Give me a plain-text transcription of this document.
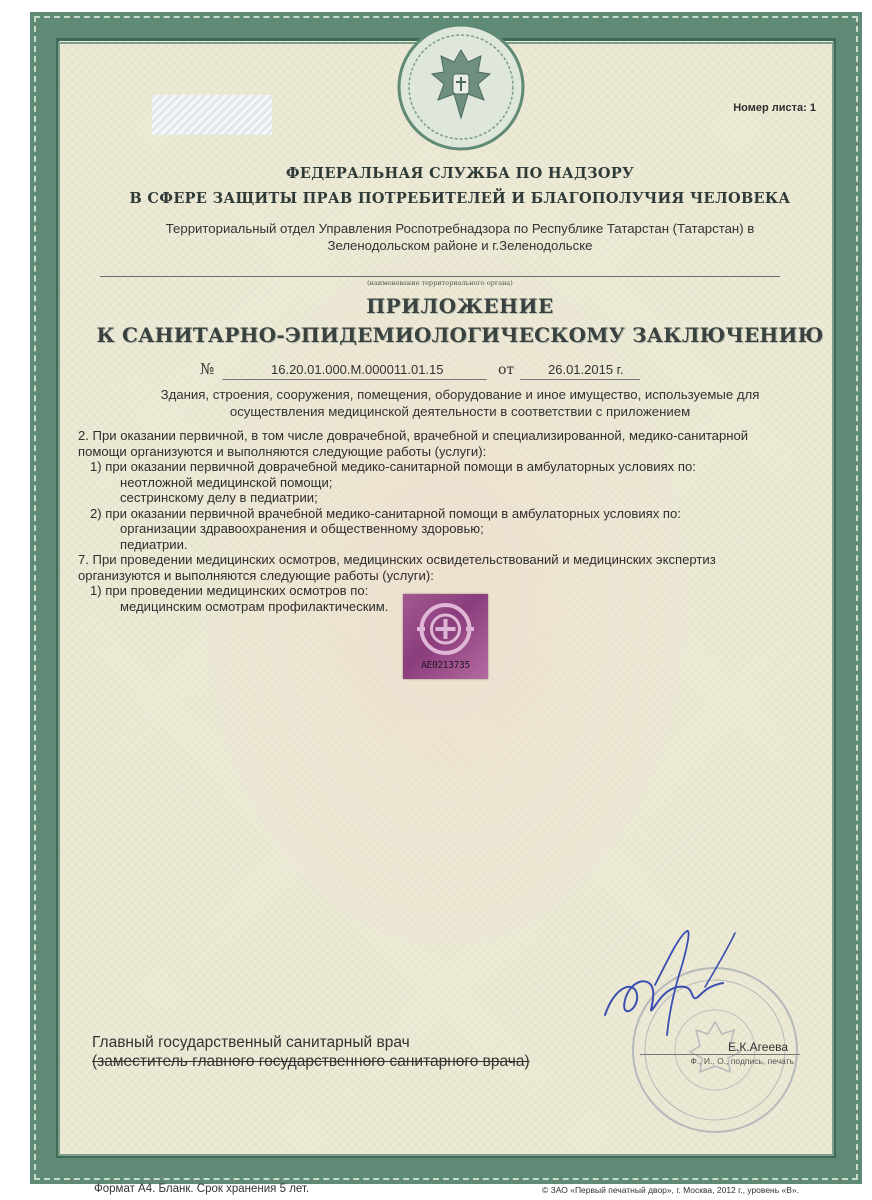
Номер листа: 1
ФЕДЕРАЛЬНАЯ СЛУЖБА ПО НАДЗОРУ
В СФЕРЕ ЗАЩИТЫ ПРАВ ПОТРЕБИТЕЛЕЙ И БЛАГОПОЛУЧИЯ ЧЕЛОВЕКА
Территориальный отдел Управления Роспотребнадзора по Республике Татарстан (Татарстан) в
Зеленодольском районе и г.Зеленодольске
(наименование территориального органа)
ПРИЛОЖЕНИЕ
К САНИТАРНО-ЭПИДЕМИОЛОГИЧЕСКОМУ ЗАКЛЮЧЕНИЮ
№	16.20.01.000.М.000011.01.15	от	26.01.2015 г.
Здания, строения, сооружения, помещения, оборудование и иное имущество, используемые для
осуществления медицинской деятельности в соответствии с приложением
2. При оказании первичной, в том числе доврачебной, врачебной и специализированной, медико-санитарной
помощи организуются и выполняются следующие работы (услуги):
1) при оказании первичной доврачебной медико-санитарной помощи в амбулаторных условиях по:
неотложной медицинской помощи;
сестринскому делу в педиатрии;
2) при оказании первичной врачебной медико-санитарной помощи в амбулаторных условиях по:
организации здравоохранения и общественному здоровью;
педиатрии.
7. При проведении медицинских осмотров, медицинских освидетельствований и медицинских экспертиз
организуются и выполняются следующие работы (услуги):
1) при проведении медицинских осмотров по:
медицинским осмотрам профилактическим.
АЕ0213735
Главный государственный санитарный врач
(заместитель главного государственного санитарного врача)
Е.К.Агеева
Ф., И., О., подпись, печать
Формат А4. Бланк. Срок хранения 5 лет.	© ЗАО «Первый печатный двор», г. Москва, 2012 г., уровень «В».
